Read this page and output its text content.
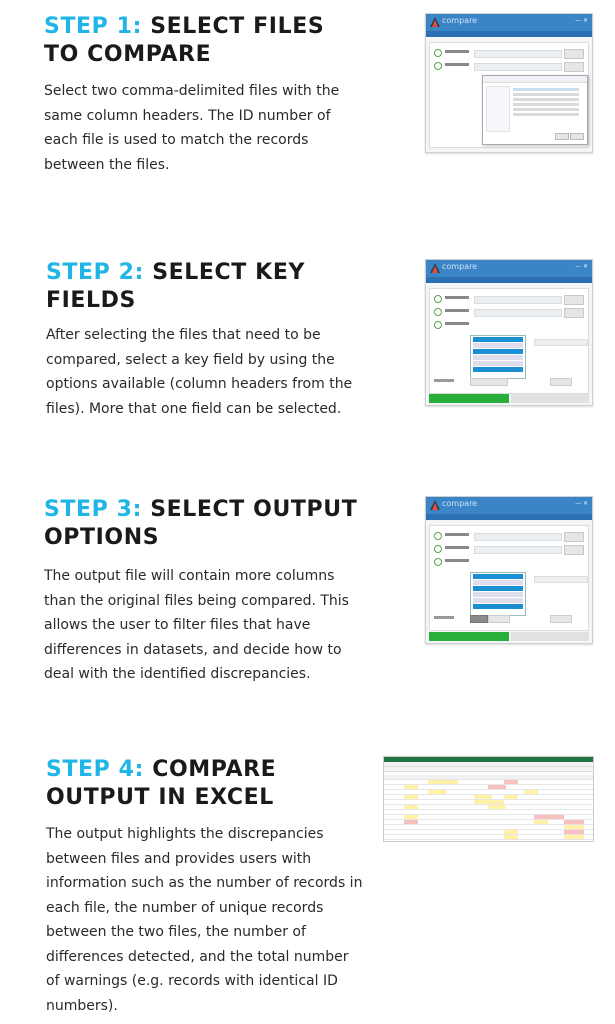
STEP 1: SELECT FILES TO COMPARE

Select two comma-delimited files with the same column headers. The ID number of each file is used to match the records between the files.

compare	— ✕
STEP 2: SELECT KEY FIELDS

After selecting the files that need to be compared, select a key field by using the options available (column headers from the files). More that one field can be selected.

compare	— ✕
STEP 3: SELECT OUTPUT OPTIONS

The output file will contain more columns than the original files being compared. This allows the user to filter files that have differences in datasets, and decide how to deal with the identified discrepancies.

compare	— ✕
STEP 4: COMPARE OUTPUT IN EXCEL

The output highlights the discrepancies between files and provides users with information such as the number of records in each file, the number of unique records between the two files, the number of differences detected, and the total number of warnings (e.g. records with identical ID numbers).
